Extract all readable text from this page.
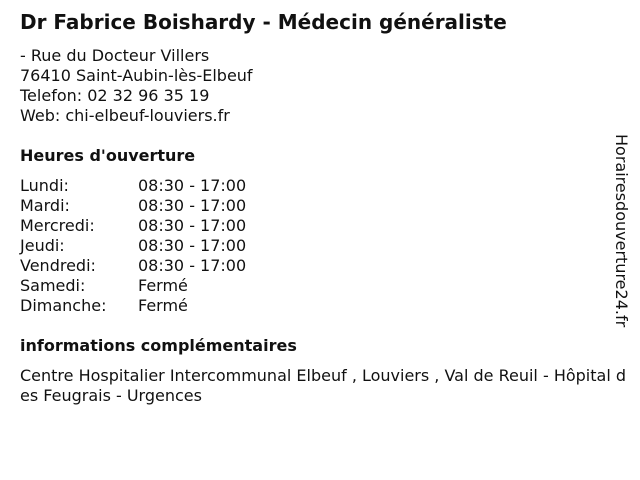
Dr Fabrice Boishardy - Médecin généraliste
- Rue du Docteur Villers
76410 Saint-Aubin-lès-Elbeuf
Telefon: 02 32 96 35 19
Web: chi-elbeuf-louviers.fr
Heures d'ouverture
Lundi:	08:30 - 17:00
Mardi:	08:30 - 17:00
Mercredi:	08:30 - 17:00
Jeudi:	08:30 - 17:00
Vendredi:	08:30 - 17:00
Samedi:	Fermé
Dimanche:	Fermé
informations complémentaires
Centre Hospitalier Intercommunal Elbeuf , Louviers , Val de Reuil - Hôpital des Feugrais - Urgences
Horairesdouverture24.fr
